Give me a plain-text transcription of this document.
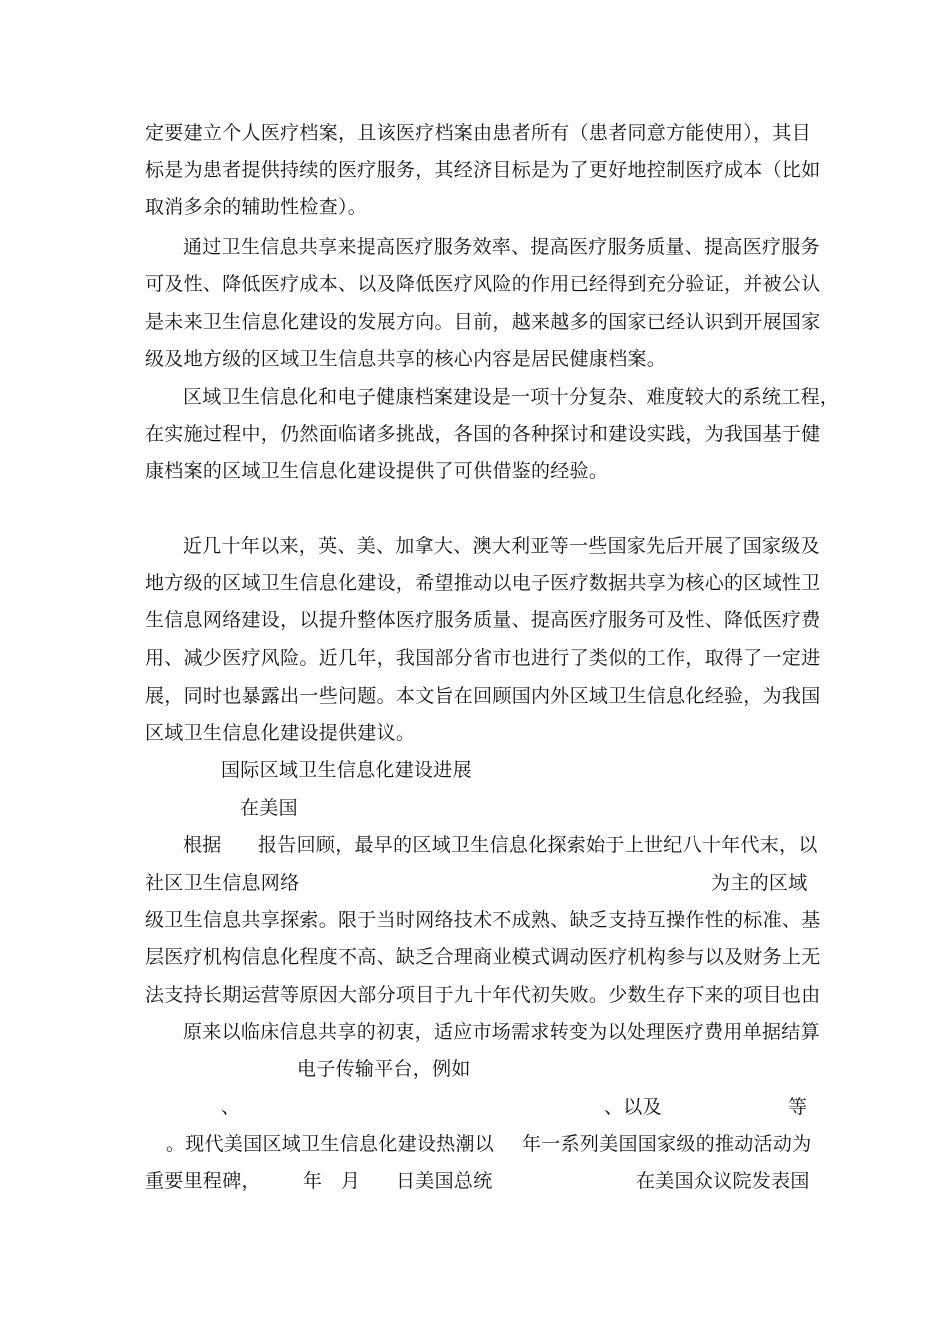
定要建立个人医疗档案，且该医疗档案由患者所有（患者同意方能使用），其目
标是为患者提供持续的医疗服务，其经济目标是为了更好地控制医疗成本（比如
取消多余的辅助性检查）。
通过卫生信息共享来提高医疗服务效率、提高医疗服务质量、提高医疗服务
可及性、降低医疗成本、以及降低医疗风险的作用已经得到充分验证，并被公认
是未来卫生信息化建设的发展方向。目前，越来越多的国家已经认识到开展国家
级及地方级的区域卫生信息共享的核心内容是居民健康档案。
区域卫生信息化和电子健康档案建设是一项十分复杂、难度较大的系统工程，
在实施过程中，仍然面临诸多挑战，各国的各种探讨和建设实践，为我国基于健
康档案的区域卫生信息化建设提供了可供借鉴的经验。
近几十年以来，英、美、加拿大、澳大利亚等一些国家先后开展了国家级及
地方级的区域卫生信息化建设，希望推动以电子医疗数据共享为核心的区域性卫
生信息网络建设，以提升整体医疗服务质量、提高医疗服务可及性、降低医疗费
用、减少医疗风险。近几年，我国部分省市也进行了类似的工作，取得了一定进
展，同时也暴露出一些问题。本文旨在回顾国内外区域卫生信息化经验，为我国
区域卫生信息化建设提供建议。
国际区域卫生信息化建设进展
在美国
根据 报告回顾，最早的区域卫生信息化探索始于上世纪八十年代末，以
社区卫生信息网络	为主的区域
级卫生信息共享探索。限于当时网络技术不成熟、缺乏支持互操作性的标准、基
层医疗机构信息化程度不高、缺乏合理商业模式调动医疗机构参与以及财务上无
法支持长期运营等原因大部分项目于九十年代初失败。少数生存下来的项目也由
原来以临床信息共享的初衷，适应市场需求转变为以处理医疗费用单据结算
电子传输平台，例如
、	、以及	等
。现代美国区域卫生信息化建设热潮以 年一系列美国国家级的推动活动为
重要里程碑， 年 月 日美国总统	在美国众议院发表国
